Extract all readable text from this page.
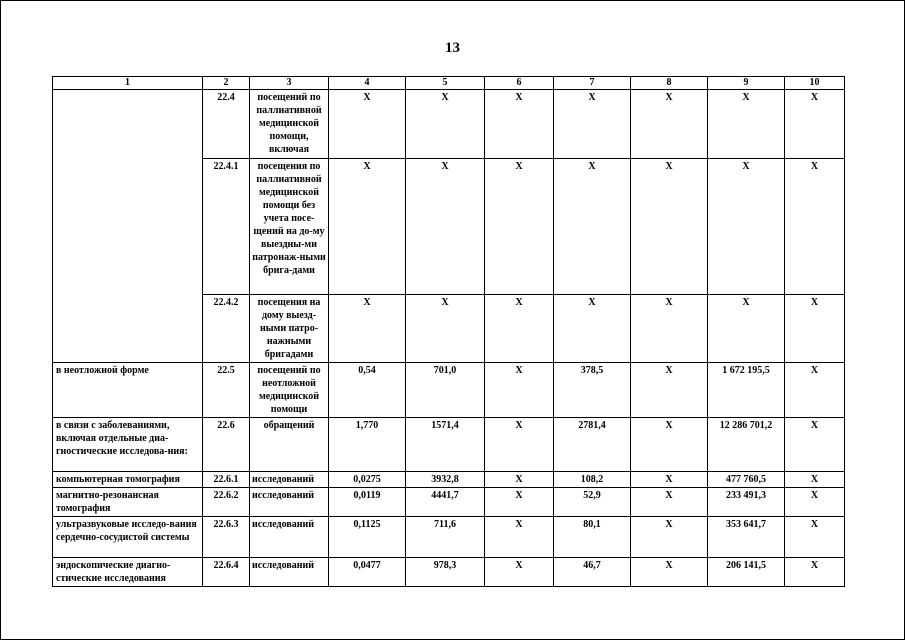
13
1	2	3	4	5	6	7	8	9	10
	22.4	посещений по паллиативной медицинской помощи, включая	Х	Х	Х	Х	Х	Х	Х
	22.4.1	посещения по паллиативной медицинской помощи без учета посе-щений на до-му выездны-ми патронаж-ными брига-дами	Х	Х	Х	Х	Х	Х	Х
	22.4.2	посещения на дому выезд-ными патро-нажными бригадами	Х	Х	Х	Х	Х	Х	Х
в неотложной форме	22.5	посещений по неотложной медицинской помощи	0,54	701,0	Х	378,5	Х	1 672 195,5	Х
в связи с заболеваниями, включая отдельные диа-гностические исследова-ния:	22.6	обращений	1,770	1571,4	Х	2781,4	Х	12 286 701,2	Х
компьютерная томография	22.6.1	исследований	0,0275	3932,8	Х	108,2	Х	477 760,5	Х
магнитно-резонансная томография	22.6.2	исследований	0,0119	4441,7	Х	52,9	Х	233 491,3	Х
ультразвуковые исследо-вания сердечно-сосудистой системы	22.6.3	исследований	0,1125	711,6	Х	80,1	Х	353 641,7	Х
эндоскопические диагно-стические исследования	22.6.4	исследований	0,0477	978,3	Х	46,7	Х	206 141,5	Х
